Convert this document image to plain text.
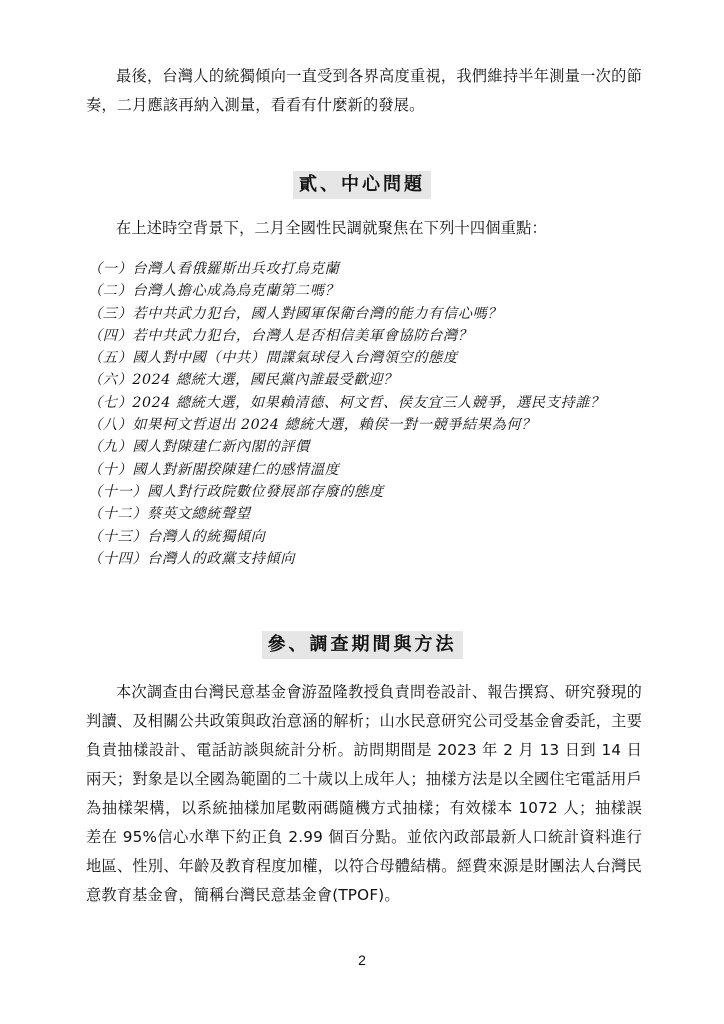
最後，台灣人的統獨傾向一直受到各界高度重視，我們維持半年測量一次的節奏，二月應該再納入測量，看看有什麼新的發展。

貳、中心問題

在上述時空背景下，二月全國性民調就聚焦在下列十四個重點：

（一）台灣人看俄羅斯出兵攻打烏克蘭
（二）台灣人擔心成為烏克蘭第二嗎？
（三）若中共武力犯台，國人對國軍保衛台灣的能力有信心嗎？
（四）若中共武力犯台，台灣人是否相信美軍會協防台灣？
（五）國人對中國（中共）間諜氣球侵入台灣領空的態度
（六）2024 總統大選，國民黨內誰最受歡迎？
（七）2024 總統大選，如果賴清德、柯文哲、侯友宜三人競爭，選民支持誰？
（八）如果柯文哲退出 2024 總統大選，賴侯一對一競爭結果為何？
（九）國人對陳建仁新內閣的評價
（十）國人對新閣揆陳建仁的感情溫度
（十一）國人對行政院數位發展部存廢的態度
（十二）蔡英文總統聲望
（十三）台灣人的統獨傾向
（十四）台灣人的政黨支持傾向
參、調查期間與方法

本次調查由台灣民意基金會游盈隆教授負責問卷設計、報告撰寫、研究發現的判讀、及相關公共政策與政治意涵的解析；山水民意研究公司受基金會委託，主要負責抽樣設計、電話訪談與統計分析。訪問期間是 2023 年 2 月 13 日到 14 日兩天；對象是以全國為範圍的二十歲以上成年人；抽樣方法是以全國住宅電話用戶為抽樣架構，以系統抽樣加尾數兩碼隨機方式抽樣；有效樣本 1072 人；抽樣誤差在 95%信心水準下約正負 2.99 個百分點。並依內政部最新人口統計資料進行地區、性別、年齡及教育程度加權，以符合母體結構。經費來源是財團法人台灣民意教育基金會，簡稱台灣民意基金會(TPOF)。

2
